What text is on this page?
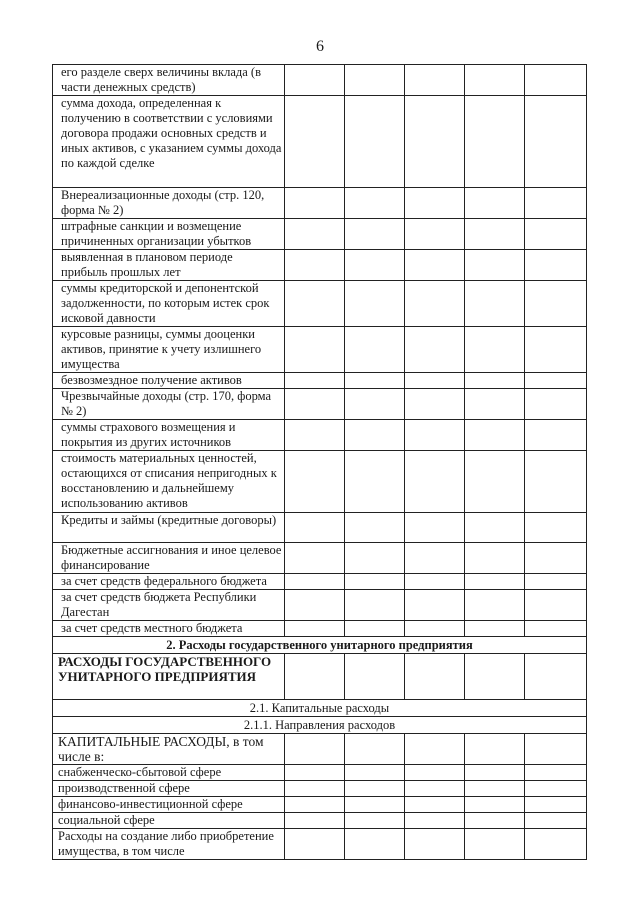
6
его разделе сверх величины вклада (в части денежных средств)					
сумма дохода, определенная к получению в соответствии с условиями договора продажи основных средств и иных активов, с указанием суммы дохода по каждой сделке					
Внереализационные доходы (стр. 120, форма № 2)					
штрафные санкции и возмещение причиненных организации убытков					
выявленная в плановом периоде прибыль прошлых лет					
суммы кредиторской и депонентской задолженности, по которым истек срок исковой давности					
курсовые разницы, суммы дооценки активов, принятие к учету излишнего имущества					
безвозмездное получение активов					
Чрезвычайные доходы (стр. 170, форма № 2)					
суммы страхового возмещения и покрытия из других источников					
стоимость материальных ценностей, остающихся от списания непригодных к восстановлению и дальнейшему использованию активов					
Кредиты и займы (кредитные договоры)					
Бюджетные ассигнования и иное целевое финансирование					
за счет средств федерального бюджета					
за счет средств бюджета Республики Дагестан					
за счет средств местного бюджета					
2. Расходы государственного унитарного предприятия					
РАСХОДЫ ГОСУДАРСТВЕННОГО УНИТАРНОГО ПРЕДПРИЯТИЯ					
2.1. Капитальные расходы					
2.1.1. Направления расходов					
КАПИТАЛЬНЫЕ РАСХОДЫ, в том числе в:					
снабженческо-сбытовой сфере					
производственной сфере					
финансово-инвестиционной сфере					
социальной сфере					
Расходы на создание либо приобретение имущества, в том числе					
